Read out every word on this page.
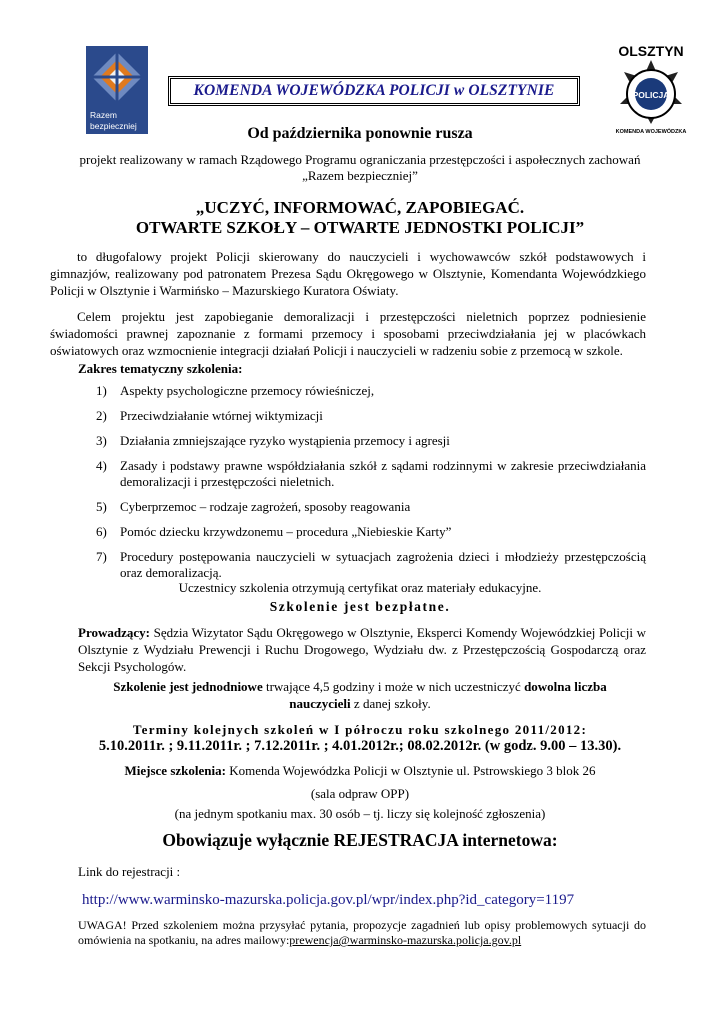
Razem
bezpieczniej
KOMENDA WOJEWÓDZKA POLICJI w OLSZTYNIE
OLSZTYN
POLICJA
KOMENDA WOJEWÓDZKA
Od października ponownie rusza
projekt realizowany w ramach Rządowego Programu ograniczania przestępczości i aspołecznych zachowań
„Razem bezpieczniej”
„UCZYĆ, INFORMOWAĆ, ZAPOBIEGAĆ.
OTWARTE SZKOŁY – OTWARTE JEDNOSTKI POLICJI”
to długofalowy projekt Policji skierowany do nauczycieli i wychowawców szkół podstawowych i gimnazjów, realizowany pod patronatem Prezesa Sądu Okręgowego w Olsztynie, Komendanta Wojewódzkiego Policji w Olsztynie i Warmińsko – Mazurskiego Kuratora Oświaty.
Celem projektu jest zapobieganie demoralizacji i przestępczości nieletnich poprzez podniesienie świadomości prawnej zapoznanie z formami przemocy i sposobami przeciwdziałania jej w placówkach oświatowych oraz wzmocnienie integracji działań Policji i nauczycieli w radzeniu sobie z przemocą w szkole.
Zakres tematyczny szkolenia:
1) Aspekty psychologiczne przemocy rówieśniczej,
2) Przeciwdziałanie wtórnej wiktymizacji
3) Działania zmniejszające ryzyko wystąpienia przemocy i agresji
4) Zasady i podstawy prawne współdziałania szkół z sądami rodzinnymi w zakresie przeciwdziałania demoralizacji i przestępczości nieletnich.
5) Cyberprzemoc – rodzaje zagrożeń, sposoby reagowania
6) Pomóc dziecku krzywdzonemu – procedura „Niebieskie Karty”
7) Procedury postępowania nauczycieli w sytuacjach zagrożenia dzieci i młodzieży przestępczością oraz demoralizacją.
Uczestnicy szkolenia otrzymują certyfikat oraz materiały edukacyjne.
Szkolenie jest bezpłatne.
Prowadzący: Sędzia Wizytator Sądu Okręgowego w Olsztynie, Eksperci Komendy Wojewódzkiej Policji w Olsztynie z Wydziału Prewencji i Ruchu Drogowego, Wydziału dw. z Przestępczością Gospodarczą oraz Sekcji Psychologów.
Szkolenie jest jednodniowe trwające 4,5 godziny i może w nich uczestniczyć dowolna liczba
nauczycieli z danej szkoły.
Terminy kolejnych szkoleń w I półroczu roku szkolnego 2011/2012:
5.10.2011r. ; 9.11.2011r. ; 7.12.2011r. ; 4.01.2012r.; 08.02.2012r. (w godz. 9.00 – 13.30).
Miejsce szkolenia: Komenda Wojewódzka Policji w Olsztynie ul. Pstrowskiego 3 blok 26
(sala odpraw OPP)
(na jednym spotkaniu max. 30 osób – tj. liczy się kolejność zgłoszenia)
Obowiązuje wyłącznie REJESTRACJA internetowa:
Link do rejestracji :
http://www.warminsko-mazurska.policja.gov.pl/wpr/index.php?id_category=1197
UWAGA! Przed szkoleniem można przysyłać pytania, propozycje zagadnień lub opisy problemowych sytuacji do omówienia na spotkaniu, na adres mailowy:prewencja@warminsko-mazurska.policja.gov.pl
